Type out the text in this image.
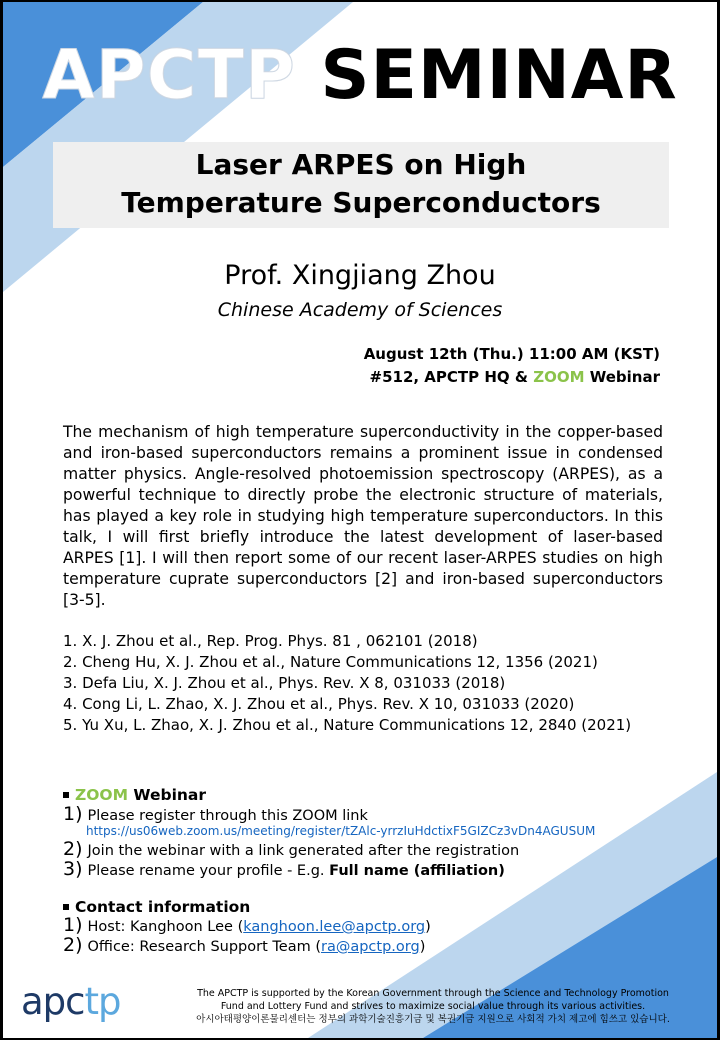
APCTP SEMINAR
Laser ARPES on High
Temperature Superconductors
Prof. Xingjiang Zhou
Chinese Academy of Sciences
August 12th (Thu.) 11:00 AM (KST)
#512, APCTP HQ & ZOOM Webinar
The mechanism of high temperature superconductivity in the copper-based and iron-based superconductors remains a prominent issue in condensed matter physics. Angle-resolved photoemission spectroscopy (ARPES), as a powerful technique to directly probe the electronic structure of materials, has played a key role in studying high temperature superconductors. In this talk, I will first briefly introduce the latest development of laser-based ARPES [1]. I will then report some of our recent laser-ARPES studies on high temperature cuprate superconductors [2] and iron-based superconductors [3-5].
1. X. J. Zhou et al., Rep. Prog. Phys. 81 , 062101 (2018)
2. Cheng Hu, X. J. Zhou et al., Nature Communications 12, 1356 (2021)
3. Defa Liu, X. J. Zhou et al., Phys. Rev. X 8, 031033 (2018)
4. Cong Li, L. Zhao, X. J. Zhou et al., Phys. Rev. X 10, 031033 (2020)
5. Yu Xu, L. Zhao, X. J. Zhou et al., Nature Communications 12, 2840 (2021)
ZOOM Webinar
1) Please register through this ZOOM link
https://us06web.zoom.us/meeting/register/tZAlc-yrrzIuHdctixF5GIZCz3vDn4AGUSUM
2) Join the webinar with a link generated after the registration
3) Please rename your profile - E.g. Full name (affiliation)
Contact information
1) Host: Kanghoon Lee (kanghoon.lee@apctp.org)
2) Office: Research Support Team (ra@apctp.org)
apctp	The APCTP is supported by the Korean Government through the Science and Technology Promotion
Fund and Lottery Fund and strives to maximize social value through its various activities.
아시아태평양이론물리센터는 정부의 과학기술진흥기금 및 복권기금 지원으로 사회적 가치 제고에 힘쓰고 있습니다.
